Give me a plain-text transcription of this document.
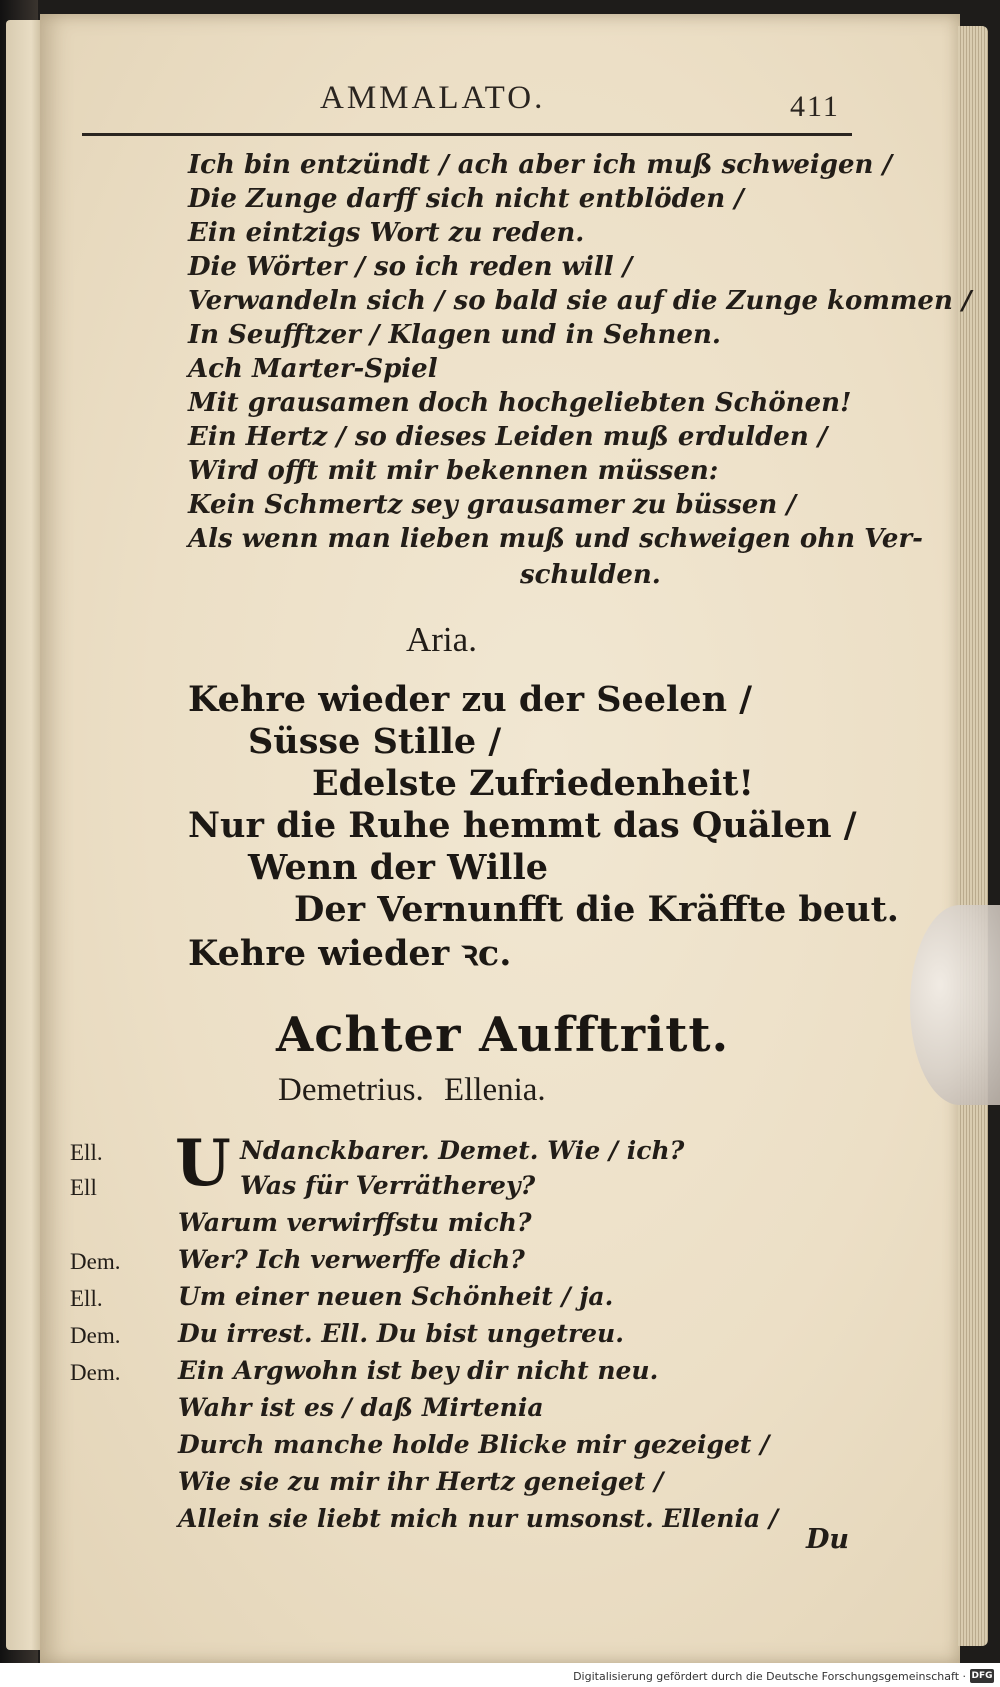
AMMALATO.	411
Ich bin entzündt / ach aber ich muß schweigen /
Die Zunge darff sich nicht entblöden /
Ein eintzigs Wort zu reden.
Die Wörter / so ich reden will /
Verwandeln sich / so bald sie auf die Zunge kommen /
In Seufftzer / Klagen und in Sehnen.
Ach Marter-Spiel
Mit grausamen doch hochgeliebten Schönen!
Ein Hertz / so dieses Leiden muß erdulden /
Wird offt mit mir bekennen müssen:
Kein Schmertz sey grausamer zu büssen /
Als wenn man lieben muß und schweigen ohn Ver-
schulden.
Aria.
Kehre wieder zu der Seelen /
Süsse Stille /
Edelste Zufriedenheit!
Nur die Ruhe hemmt das Quälen /
Wenn der Wille
Der Vernunfft die Kräffte beut.
Kehre wieder ꝛc.
Achter Aufftritt.
Demetrius. Ellenia.
U
Ell.	Ndanckbarer. Demet. Wie / ich?
Ell	Was für Verrätherey?
Warum verwirffstu mich?
Dem. Wer? Ich verwerffe dich?
Ell.	Um einer neuen Schönheit / ja.
Dem. Du irrest. Ell. Du bist ungetreu.
Dem. Ein Argwohn ist bey dir nicht neu.
Wahr ist es / daß Mirtenia
Durch manche holde Blicke mir gezeiget /
Wie sie zu mir ihr Hertz geneiget /
Allein sie liebt mich nur umsonst. Ellenia /
Du
Digitalisierung gefördert durch die Deutsche Forschungsgemeinschaft · DFG
